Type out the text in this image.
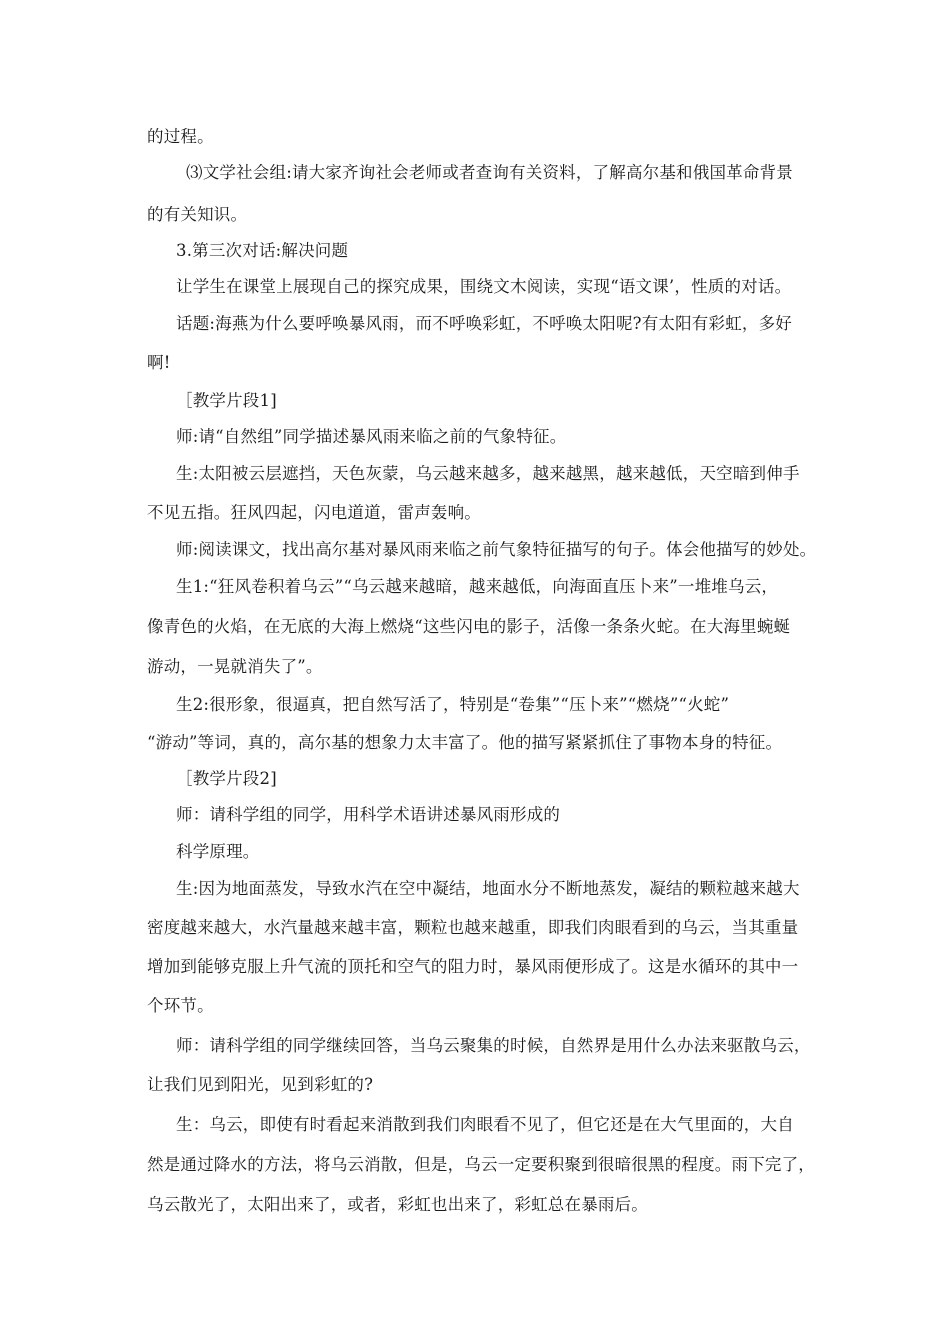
的过程。
⑶文学社会组:请大家齐询社会老师或者查询有关资料，了解高尔基和俄国革命背景
的有关知识。
3.第三次对话:解决问题
让学生在课堂上展现自己的探究成果，围绕文木阅读，实现“语文课’，性质的对话。
话题:海燕为什么要呼唤暴风雨，而不呼唤彩虹，不呼唤太阳呢?有太阳有彩虹，多好
啊!
［教学片段1]
师:请“自然组”同学描述暴风雨来临之前的气象特征。
生:太阳被云层遮挡，天色灰蒙，乌云越来越多，越来越黑，越来越低，天空暗到伸手
不见五指。狂风四起，闪电道道，雷声轰响。
师:阅读课文，找出高尔基对暴风雨来临之前气象特征描写的句子。体会他描写的妙处。
生1:“狂风卷积着乌云”“乌云越来越暗，越来越低，向海面直压卜来”一堆堆乌云，
像青色的火焰，在无底的大海上燃烧“这些闪电的影子，活像一条条火蛇。在大海里蜿蜒
游动，一晃就消失了”。
生2:很形象，很逼真，把自然写活了，特别是“卷集”“压卜来”“燃烧”“火蛇”
“游动”等词，真的，高尔基的想象力太丰富了。他的描写紧紧抓住了事物本身的特征。
［教学片段2]
师：请科学组的同学，用科学术语讲述暴风雨形成的
科学原理。
生:因为地面蒸发，导致水汽在空中凝结，地面水分不断地蒸发，凝结的颗粒越来越大
密度越来越大，水汽量越来越丰富，颗粒也越来越重，即我们肉眼看到的乌云，当其重量
增加到能够克服上升气流的顶托和空气的阻力时，暴风雨便形成了。这是水循环的其中一
个环节。
师：请科学组的同学继续回答，当乌云聚集的时候，自然界是用什么办法来驱散乌云，
让我们见到阳光，见到彩虹的?
生：乌云，即使有时看起来消散到我们肉眼看不见了，但它还是在大气里面的，大自
然是通过降水的方法，将乌云消散，但是，乌云一定要积聚到很暗很黑的程度。雨下完了，
乌云散光了，太阳出来了，或者，彩虹也出来了，彩虹总在暴雨后。
